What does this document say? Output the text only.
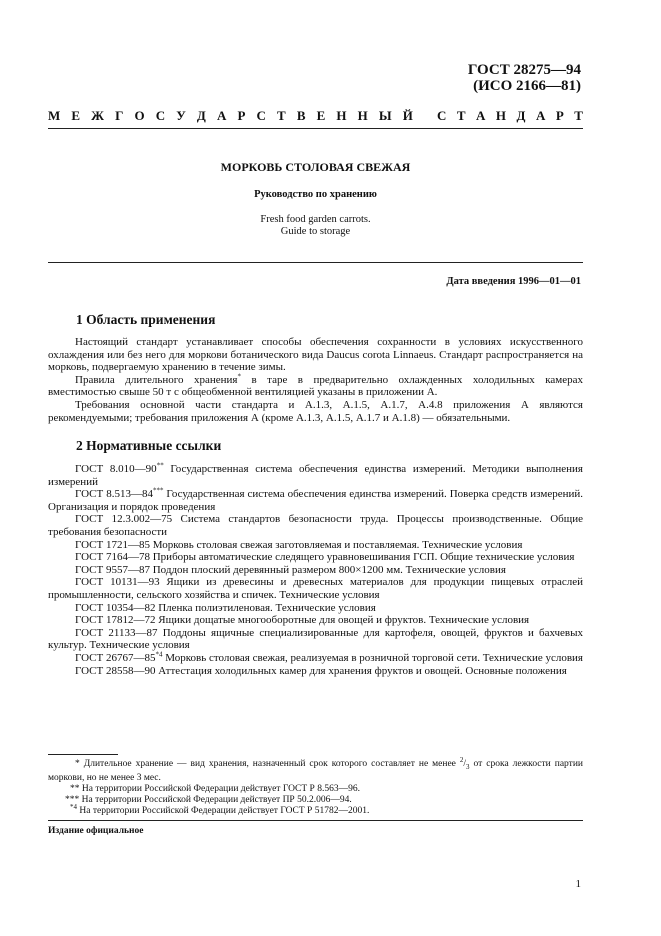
ГОСТ 28275—94
(ИСО 2166—81)
М Е Ж Г О С У Д А Р С Т В Е Н Н Ы Й С Т А Н Д А Р Т
МОРКОВЬ СТОЛОВАЯ СВЕЖАЯ
Руководство по хранению
Fresh food garden carrots.
Guide to storage
Дата введения 1996—01—01
1 Область применения

Настоящий стандарт устанавливает способы обеспечения сохранности в условиях искусственного охлаждения или без него для моркови ботанического вида Daucus corota Linnaeus. Стандарт распространяется на морковь, подвергаемую хранению в течение зимы.

Правила длительного хранения* в таре в предварительно охлажденных холодильных камерах вместимостью свыше 50 т с общеобменной вентиляцией указаны в приложении А.

Требования основной части стандарта и А.1.3, А.1.5, А.1.7, А.4.8 приложения А являются рекомендуемыми; требования приложения А (кроме А.1.3, А.1.5, А.1.7 и А.1.8) — обязательными.

2 Нормативные ссылки

ГОСТ 8.010—90** Государственная система обеспечения единства измерений. Методики выполнения измерений

ГОСТ 8.513—84*** Государственная система обеспечения единства измерений. Поверка средств измерений. Организация и порядок проведения

ГОСТ 12.3.002—75 Система стандартов безопасности труда. Процессы производственные. Общие требования безопасности

ГОСТ 1721—85 Морковь столовая свежая заготовляемая и поставляемая. Технические условия

ГОСТ 7164—78 Приборы автоматические следящего уравновешивания ГСП. Общие технические условия

ГОСТ 9557—87 Поддон плоский деревянный размером 800×1200 мм. Технические условия

ГОСТ 10131—93 Ящики из древесины и древесных материалов для продукции пищевых отраслей промышленности, сельского хозяйства и спичек. Технические условия

ГОСТ 10354—82 Пленка полиэтиленовая. Технические условия

ГОСТ 17812—72 Ящики дощатые многооборотные для овощей и фруктов. Технические условия

ГОСТ 21133—87 Поддоны ящичные специализированные для картофеля, овощей, фруктов и бахчевых культур. Технические условия

ГОСТ 26767—85$^{*4}$ Морковь столовая свежая, реализуемая в розничной торговой сети. Технические условия

ГОСТ 28558—90 Аттестация холодильных камер для хранения фруктов и овощей. Основные положения

* Длительное хранение — вид хранения, назначенный срок которого составляет не менее $^2/_3$ от срока лежкости партии моркови, но не менее 3 мес.

** На территории Российской Федерации действует ГОСТ Р 8.563—96.

*** На территории Российской Федерации действует ПР 50.2.006—94.

$^{*4}$ На территории Российской Федерации действует ГОСТ Р 51782—2001.

Издание официальное
1
